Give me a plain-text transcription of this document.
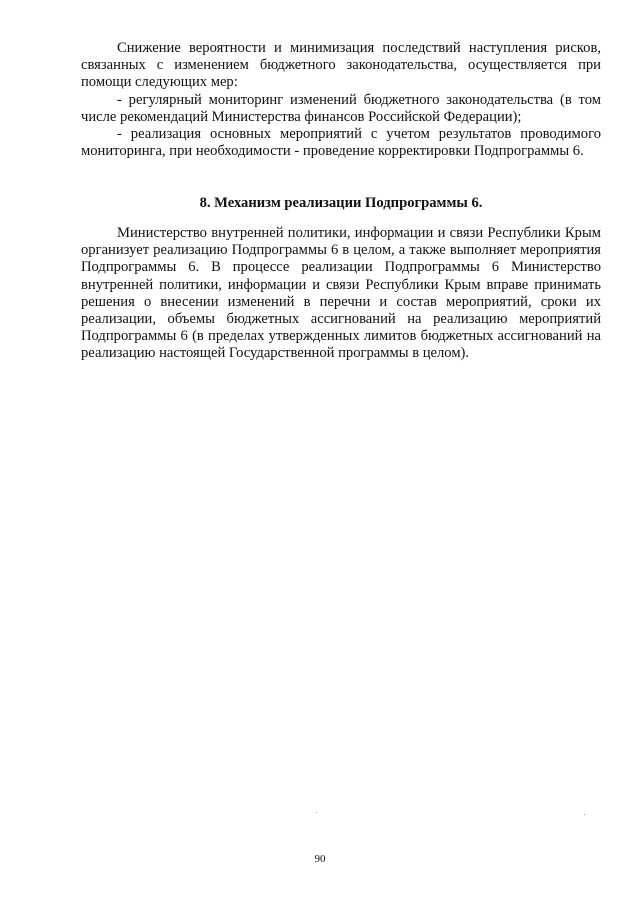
Снижение вероятности и минимизация последствий наступления рисков, связанных с изменением бюджетного законодательства, осуществляется при помощи следующих мер:

- регулярный мониторинг изменений бюджетного законодательства (в том числе рекомендаций Министерства финансов Российской Федерации);

- реализация основных мероприятий с учетом результатов проводимого мониторинга, при необходимости - проведение корректировки Подпрограммы 6.

8. Механизм реализации Подпрограммы 6.

Министерство внутренней политики, информации и связи Республики Крым организует реализацию Подпрограммы 6 в целом, а также выполняет мероприятия Подпрограммы 6. В процессе реализации Подпрограммы 6 Министерство внутренней политики, информации и связи Республики Крым вправе принимать решения о внесении изменений в перечни и состав мероприятий, сроки их реализации, объемы бюджетных ассигнований на реализацию мероприятий Подпрограммы 6 (в пределах утвержденных лимитов бюджетных ассигнований на реализацию настоящей Государственной программы в целом).

90
